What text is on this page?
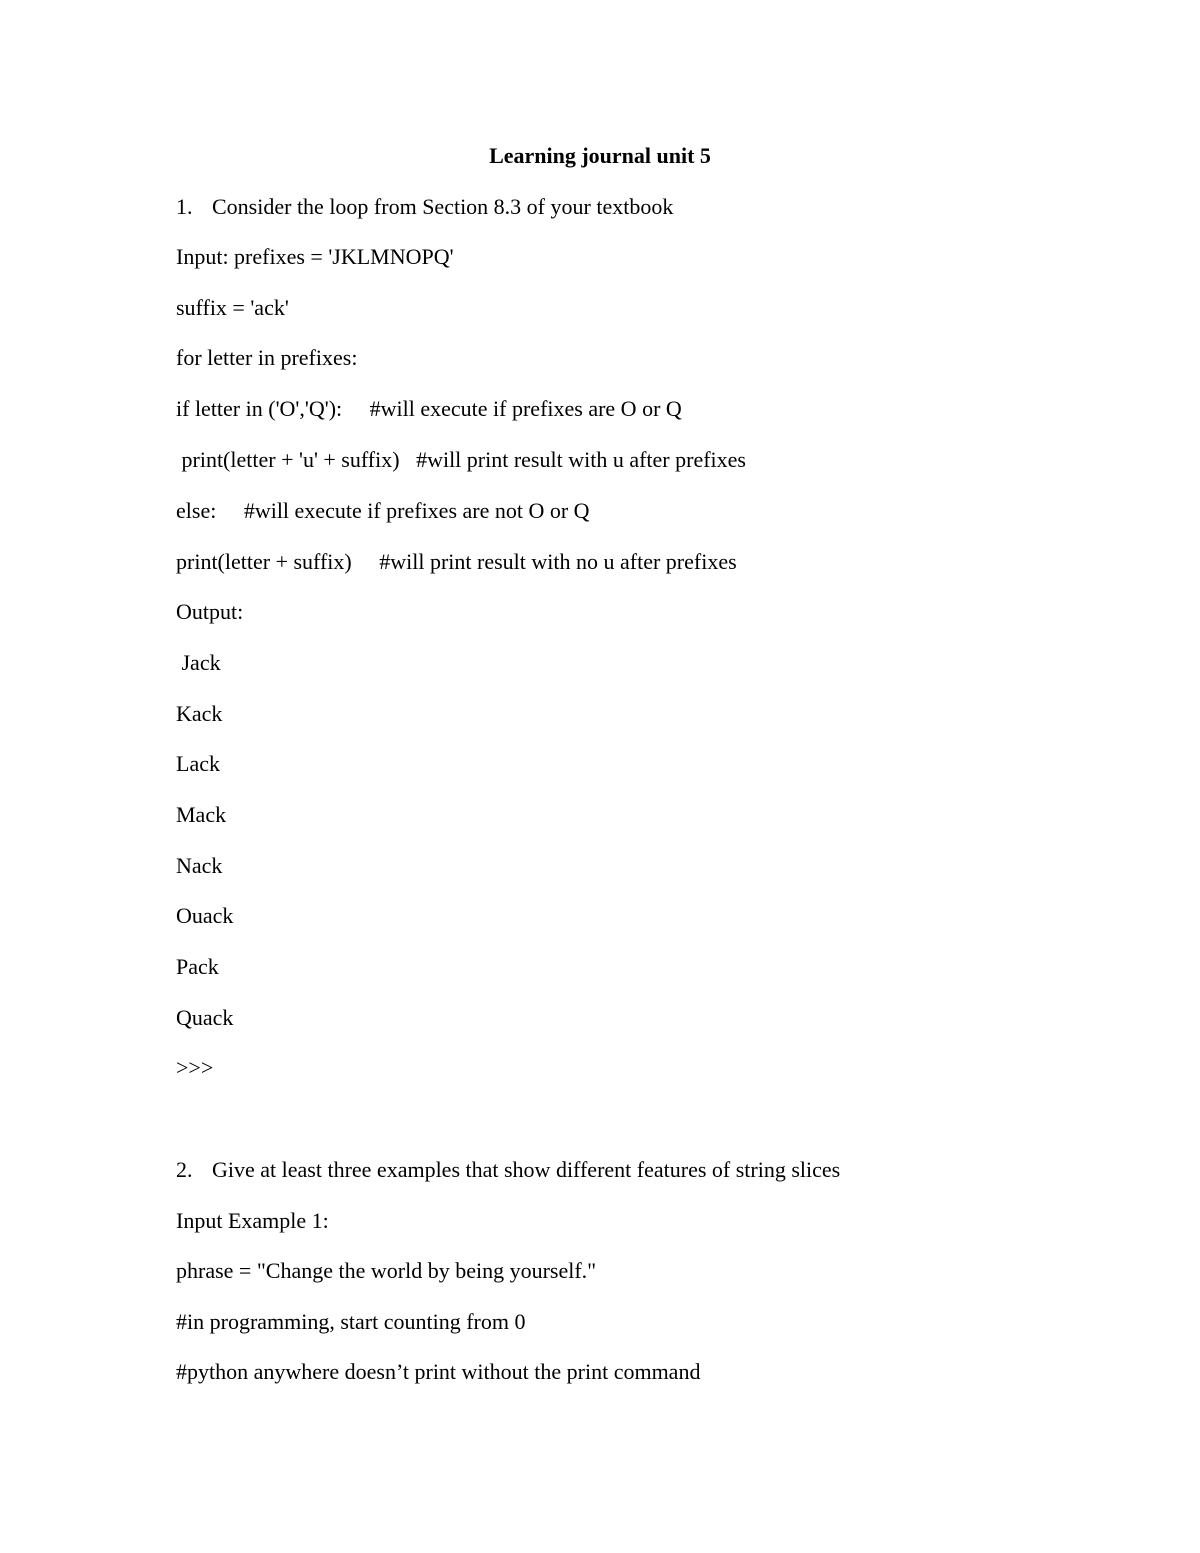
Learning journal unit 5
1. Consider the loop from Section 8.3 of your textbook
Input: prefixes = 'JKLMNOPQ'
suffix = 'ack'
for letter in prefixes:
if letter in ('O','Q'):     #will execute if prefixes are O or Q
print(letter + 'u' + suffix)   #will print result with u after prefixes
else:     #will execute if prefixes are not O or Q
print(letter + suffix)     #will print result with no u after prefixes
Output:
Jack
Kack
Lack
Mack
Nack
Ouack
Pack
Quack
>>>
2. Give at least three examples that show different features of string slices
Input Example 1:
phrase = "Change the world by being yourself."
#in programming, start counting from 0
#python anywhere doesn’t print without the print command
